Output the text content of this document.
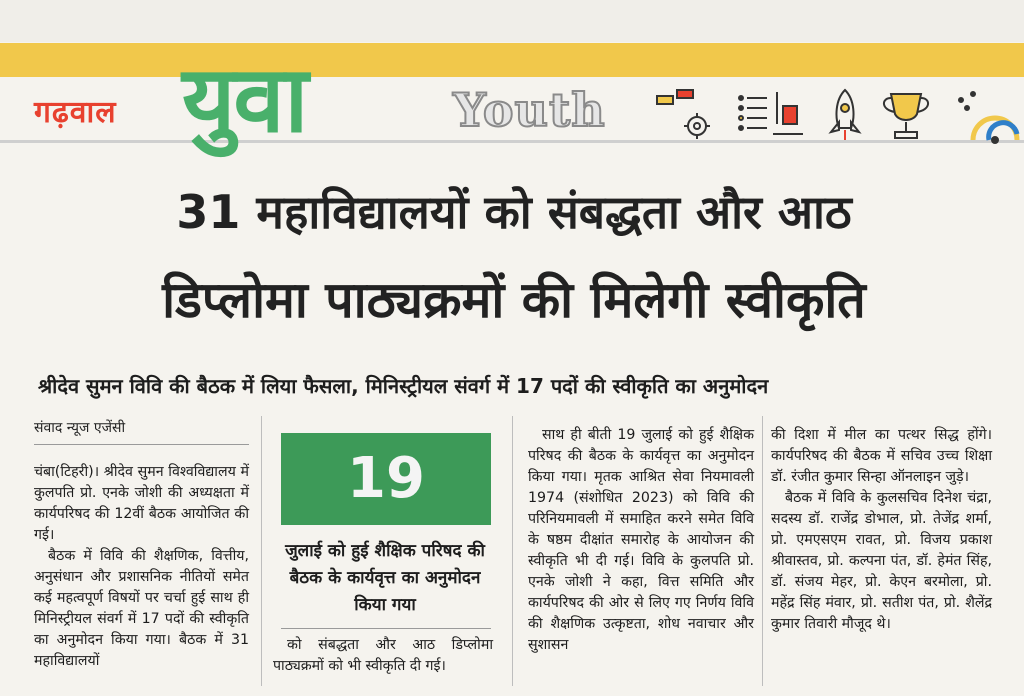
गढ़वाल युवा	Youth
31 महाविद्यालयों को संबद्धता और आठ
डिप्लोमा पाठ्यक्रमों की मिलेगी स्वीकृति
श्रीदेव सुमन विवि की बैठक में लिया फैसला, मिनिस्ट्रीयल संवर्ग में 17 पदों की स्वीकृति का अनुमोदन
संवाद न्यूज एजेंसी

चंबा(टिहरी)। श्रीदेव सुमन विश्वविद्यालय में कुलपति प्रो. एनके जोशी की अध्यक्षता में कार्यपरिषद की 12वीं बैठक आयोजित की गई।

बैठक में विवि की शैक्षणिक, वित्तीय, अनुसंधान और प्रशासनिक नीतियों समेत कई महत्वपूर्ण विषयों पर चर्चा हुई साथ ही मिनिस्ट्रीयल संवर्ग में 17 पदों की स्वीकृति का अनुमोदन किया गया। बैठक में 31 महाविद्यालयों

19
जुलाई को हुई शैक्षिक परिषद की बैठक के कार्यवृत्त का अनुमोदन किया गया

को संबद्धता और आठ डिप्लोमा पाठ्यक्रमों को भी स्वीकृति दी गई।

साथ ही बीती 19 जुलाई को हुई शैक्षिक परिषद की बैठक के कार्यवृत्त का अनुमोदन किया गया। मृतक आश्रित सेवा नियमावली 1974 (संशोधित 2023) को विवि की परिनियमावली में समाहित करने समेत विवि के षष्ठम दीक्षांत समारोह के आयोजन की स्वीकृति भी दी गई। विवि के कुलपति प्रो. एनके जोशी ने कहा, वित्त समिति और कार्यपरिषद की ओर से लिए गए निर्णय विवि की शैक्षणिक उत्कृष्टता, शोध नवाचार और सुशासन

की दिशा में मील का पत्थर सिद्ध होंगे। कार्यपरिषद की बैठक में सचिव उच्च शिक्षा डॉ. रंजीत कुमार सिन्हा ऑनलाइन जुड़े।

बैठक में विवि के कुलसचिव दिनेश चंद्रा, सदस्य डॉ. राजेंद्र डोभाल, प्रो. तेजेंद्र शर्मा, प्रो. एमएसएम रावत, प्रो. विजय प्रकाश श्रीवास्तव, प्रो. कल्पना पंत, डॉ. हेमंत सिंह, डॉ. संजय मेहर, प्रो. केएन बरमोला, प्रो. महेंद्र सिंह मंवार, प्रो. सतीश पंत, प्रो. शैलेंद्र कुमार तिवारी मौजूद थे।
